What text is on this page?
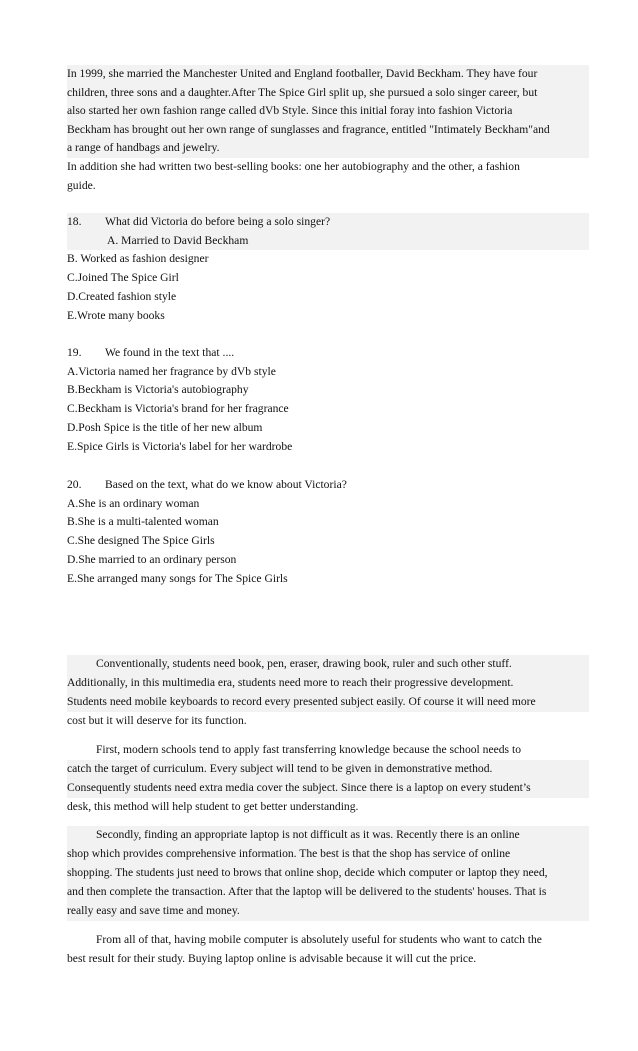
In 1999, she married the Manchester United and England footballer, David Beckham. They have four
children, three sons and a daughter.After The Spice Girl split up, she pursued a solo singer career, but
also started her own fashion range called dVb Style. Since this initial foray into fashion Victoria
Beckham has brought out her own range of sunglasses and fragrance, entitled "Intimately Beckham"and
a range of handbags and jewelry.
In addition she had written two best-selling books: one her autobiography and the other, a fashion
guide.
18. What did Victoria do before being a solo singer?
A. Married to David Beckham
B. Worked as fashion designer
C.Joined The Spice Girl
D.Created fashion style
E.Wrote many books
19. We found in the text that ....
A.Victoria named her fragrance by dVb style
B.Beckham is Victoria's autobiography
C.Beckham is Victoria's brand for her fragrance
D.Posh Spice is the title of her new album
E.Spice Girls is Victoria's label for her wardrobe
20. Based on the text, what do we know about Victoria?
A.She is an ordinary woman
B.She is a multi-talented woman
C.She designed The Spice Girls
D.She married to an ordinary person
E.She arranged many songs for The Spice Girls
Conventionally, students need book, pen, eraser, drawing book, ruler and such other stuff.
Additionally, in this multimedia era, students need more to reach their progressive development.
Students need mobile keyboards to record every presented subject easily. Of course it will need more
cost but it will deserve for its function.
First, modern schools tend to apply fast transferring knowledge because the school needs to
catch the target of curriculum. Every subject will tend to be given in demonstrative method.
Consequently students need extra media cover the subject. Since there is a laptop on every student’s
desk, this method will help student to get better understanding.
Secondly, finding an appropriate laptop is not difficult as it was. Recently there is an online
shop which provides comprehensive information. The best is that the shop has service of online
shopping. The students just need to brows that online shop, decide which computer or laptop they need,
and then complete the transaction. After that the laptop will be delivered to the students' houses. That is
really easy and save time and money.
From all of that, having mobile computer is absolutely useful for students who want to catch the
best result for their study. Buying laptop online is advisable because it will cut the price.
